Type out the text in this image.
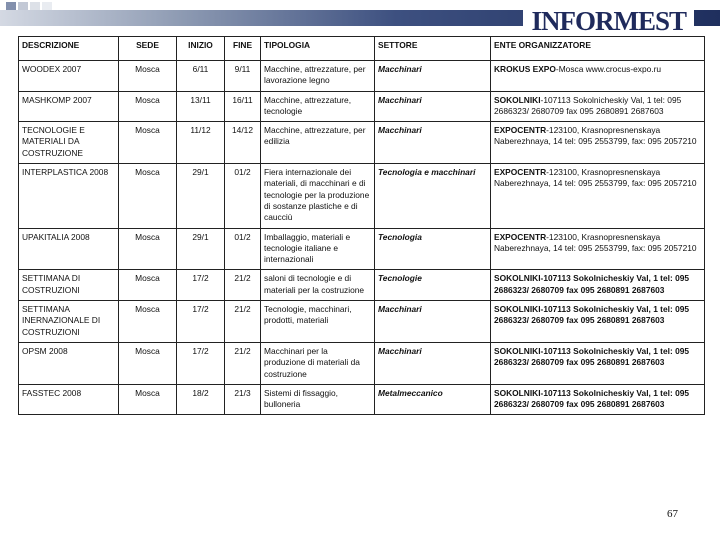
INFORMEST
DESCRIZIONE	SEDE	INIZIO	FINE	TIPOLOGIA	SETTORE	ENTE ORGANIZZATORE
WOODEX 2007	Mosca	6/11	9/11	Macchine, attrezzature, per lavorazione legno	Macchinari	KROKUS EXPO-Mosca www.crocus-expo.ru
MASHKOMP 2007	Mosca	13/11	16/11	Macchine, attrezzature, tecnologie	Macchinari	SOKOLNIKI-107113 Sokolnicheskiy Val, 1 tel: 095 2686323/ 2680709 fax 095 2680891 2687603
TECNOLOGIE E MATERIALI DA COSTRUZIONE	Mosca	11/12	14/12	Macchine, attrezzature, per edilizia	Macchinari	EXPOCENTR-123100, Krasnopresnenskaya Naberezhnaya, 14 tel: 095 2553799, fax: 095 2057210
INTERPLASTICA 2008	Mosca	29/1	01/2	Fiera internazionale dei materiali, di macchinari e di tecnologie per la produzione di sostanze plastiche e di caucciù	Tecnologia e macchinari	EXPOCENTR-123100, Krasnopresnenskaya Naberezhnaya, 14 tel: 095 2553799, fax: 095 2057210
UPAKITALIA 2008	Mosca	29/1	01/2	Imballaggio, materiali e tecnologie italiane e internazionali	Tecnologia	EXPOCENTR-123100, Krasnopresnenskaya Naberezhnaya, 14 tel: 095 2553799, fax: 095 2057210
SETTIMANA DI COSTRUZIONI	Mosca	17/2	21/2	saloni di tecnologie e di materiali per la costruzione	Tecnologie	SOKOLNIKI-107113 Sokolnicheskiy Val, 1 tel: 095 2686323/ 2680709 fax 095 2680891 2687603
SETTIMANA INERNAZIONALE DI COSTRUZIONI	Mosca	17/2	21/2	Tecnologie, macchinari, prodotti, materiali	Macchinari	SOKOLNIKI-107113 Sokolnicheskiy Val, 1 tel: 095 2686323/ 2680709 fax 095 2680891 2687603
OPSM 2008	Mosca	17/2	21/2	Macchinari per la produzione di materiali da costruzione	Macchinari	SOKOLNIKI-107113 Sokolnicheskiy Val, 1 tel: 095 2686323/ 2680709 fax 095 2680891 2687603
FASSTEC 2008	Mosca	18/2	21/3	Sistemi di fissaggio, bulloneria	Metalmeccanico	SOKOLNIKI-107113 Sokolnicheskiy Val, 1 tel: 095 2686323/ 2680709 fax 095 2680891 2687603
67
